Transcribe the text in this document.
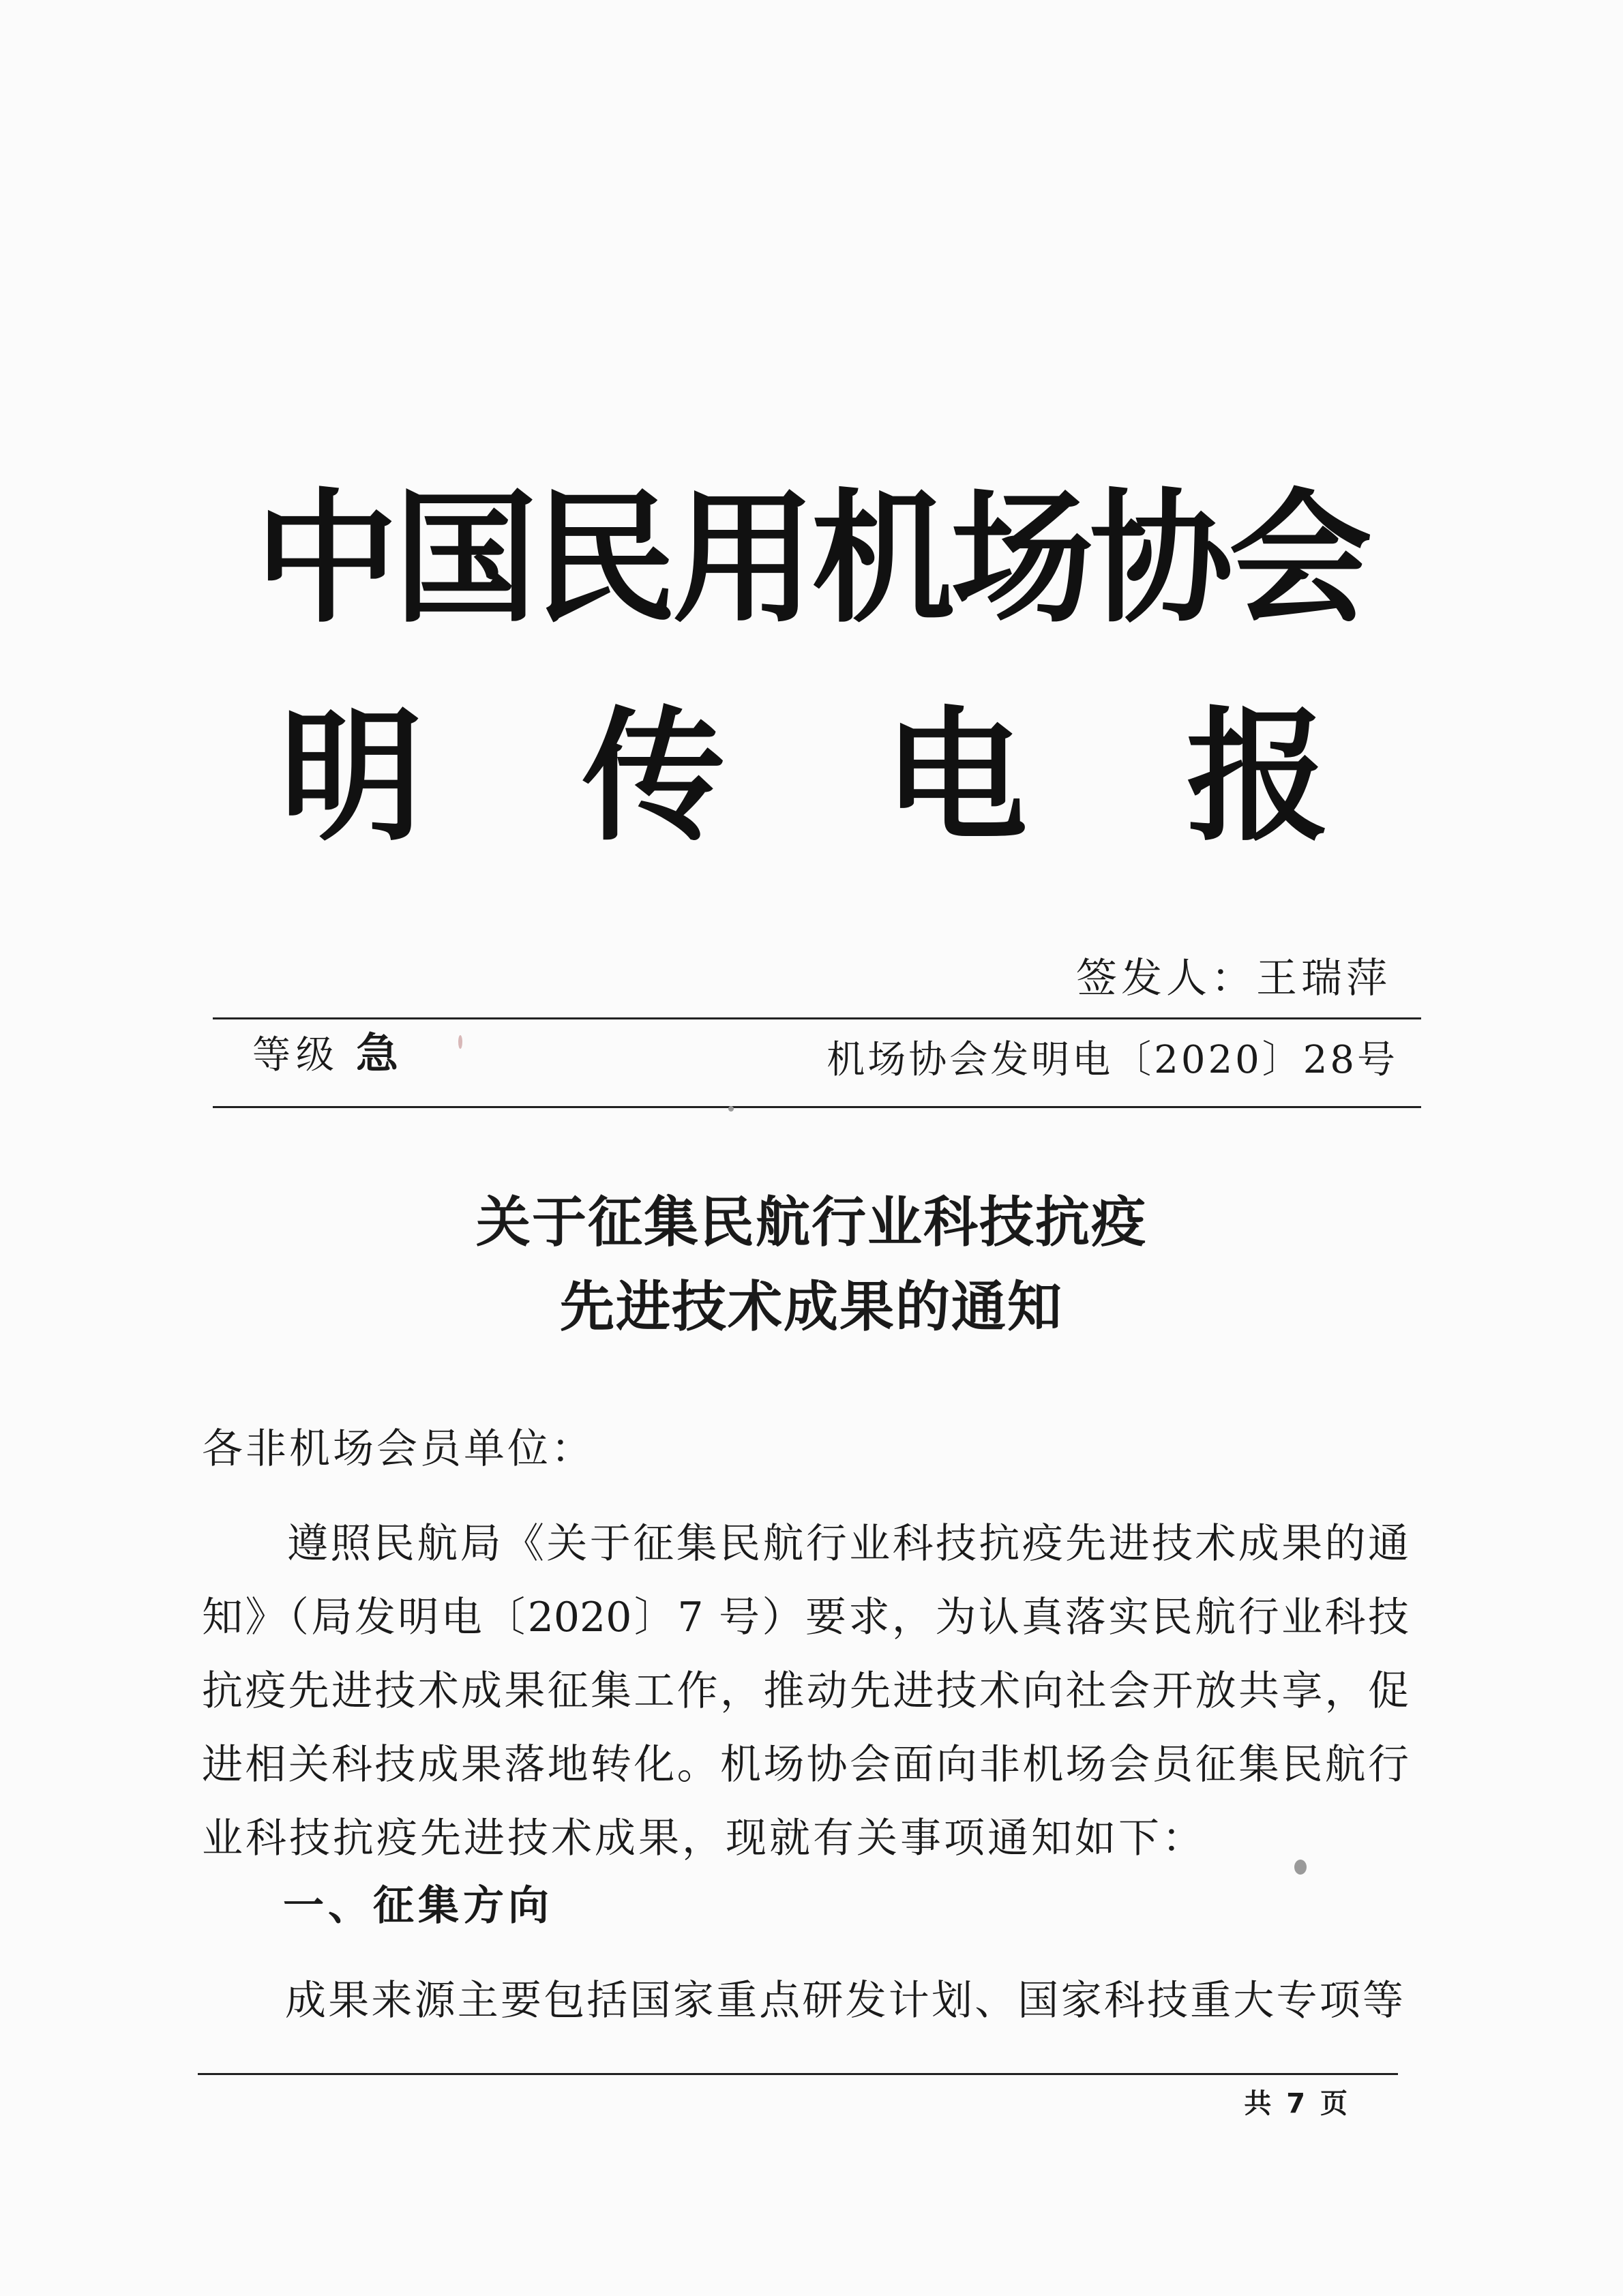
中国民用机场协会
明 传 电 报
签发人：王瑞萍
等级 急	机场协会发明电〔2020〕28号
关于征集民航行业科技抗疫
先进技术成果的通知
各非机场会员单位：
遵照民航局《关于征集民航行业科技抗疫先进技术成果的通
知》（局发明电〔2020〕7 号）要求，为认真落实民航行业科技
抗疫先进技术成果征集工作，推动先进技术向社会开放共享，促
进相关科技成果落地转化。机场协会面向非机场会员征集民航行
业科技抗疫先进技术成果，现就有关事项通知如下：
一、征集方向
成果来源主要包括国家重点研发计划、国家科技重大专项等
共 7 页
